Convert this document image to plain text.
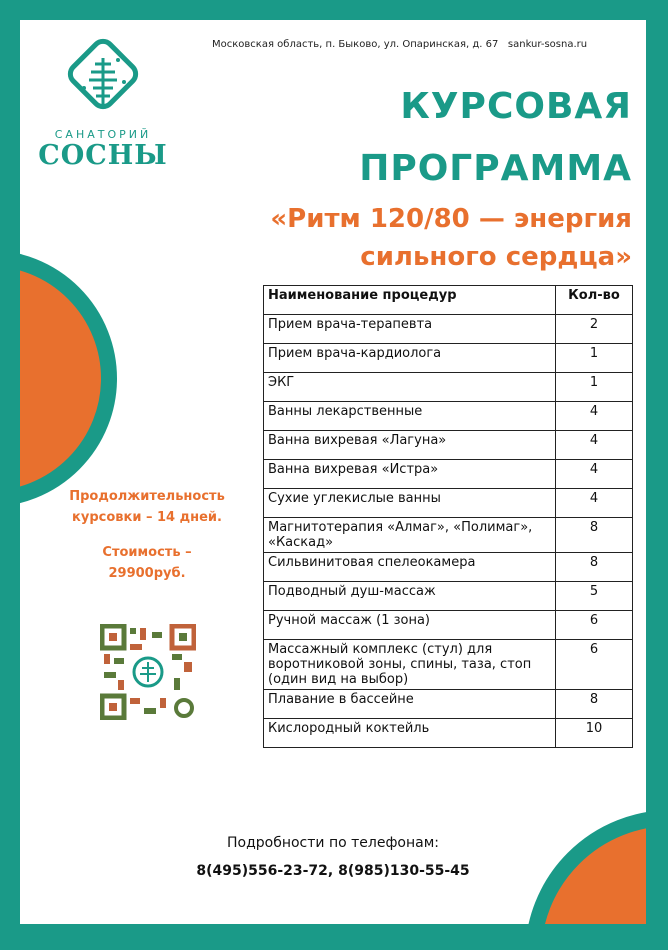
САНАТОРИЙ
СОСНЫ
Московская область, п. Быково, ул. Опаринская, д. 67 sankur-sosna.ru
КУРСОВАЯ
ПРОГРАММА
«Ритм 120/80 — энергия
сильного сердца»
Наименование процедур	Кол-во
Прием врача-терапевта	2
Прием врача-кардиолога	1
ЭКГ	1
Ванны лекарственные	4
Ванна вихревая «Лагуна»	4
Ванна вихревая «Истра»	4
Сухие углекислые ванны	4
Магнитотерапия «Алмаг», «Полимаг», «Каскад»	8
Сильвинитовая спелеокамера	8
Подводный душ-массаж	5
Ручной массаж (1 зона)	6
Массажный комплекс (стул) для воротниковой зоны, спины, таза, стоп (один вид на выбор)	6
Плавание в бассейне	8
Кислородный коктейль	10
Продолжительность
курсовки – 14 дней.
Стоимость –
29900руб.
Подробности по телефонам:
8(495)556-23-72, 8(985)130-55-45
